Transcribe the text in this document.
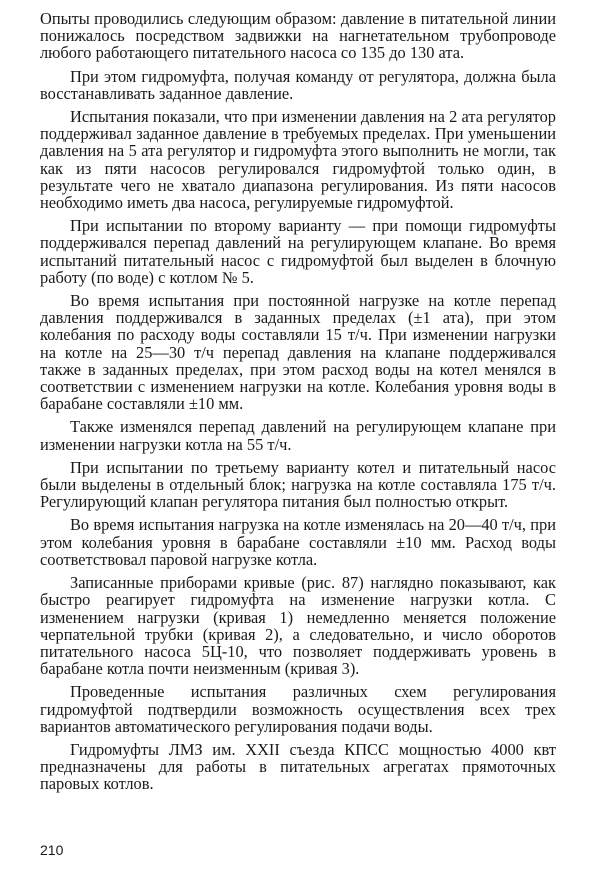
Опыты проводились следующим образом: давление в питательной линии понижалось посредством задвижки на нагнетательном трубопроводе любого работающего питательного насоса со 135 до 130 ата.

При этом гидромуфта, получая команду от регулятора, должна была восстанавливать заданное давление.

Испытания показали, что при изменении давления на 2 ата регулятор поддерживал заданное давление в требуемых пределах. При уменьшении давления на 5 ата регулятор и гидромуфта этого выполнить не могли, так как из пяти насосов регулировался гидромуфтой только один, в результате чего не хватало диапазона регулирования. Из пяти насосов необходимо иметь два насоса, регулируемые гидромуфтой.

При испытании по второму варианту — при помощи гидромуфты поддерживался перепад давлений на регулирующем клапане. Во время испытаний питательный насос с гидромуфтой был выделен в блочную работу (по воде) с котлом № 5.

Во время испытания при постоянной нагрузке на котле перепад давления поддерживался в заданных пределах (±1 ата), при этом колебания по расходу воды составляли 15 т/ч. При изменении нагрузки на котле на 25—30 т/ч перепад давления на клапане поддерживался также в заданных пределах, при этом расход воды на котел менялся в соответствии с изменением нагрузки на котле. Колебания уровня воды в барабане составляли ±10 мм.

Также изменялся перепад давлений на регулирующем клапане при изменении нагрузки котла на 55 т/ч.

При испытании по третьему варианту котел и питательный насос были выделены в отдельный блок; нагрузка на котле составляла 175 т/ч. Регулирующий клапан регулятора питания был полностью открыт.

Во время испытания нагрузка на котле изменялась на 20—40 т/ч, при этом колебания уровня в барабане составляли ±10 мм. Расход воды соответствовал паровой нагрузке котла.

Записанные приборами кривые (рис. 87) наглядно показывают, как быстро реагирует гидромуфта на изменение нагрузки котла. С изменением нагрузки (кривая 1) немедленно меняется положение черпательной трубки (кривая 2), а следовательно, и число оборотов питательного насоса 5Ц-10, что позволяет поддерживать уровень в барабане котла почти неизменным (кривая 3).

Проведенные испытания различных схем регулирования гидромуфтой подтвердили возможность осуществления всех трех вариантов автоматического регулирования подачи воды.

Гидромуфты ЛМЗ им. XXII съезда КПСС мощностью 4000 квт предназначены для работы в питательных агрегатах прямоточных паровых котлов.

210
